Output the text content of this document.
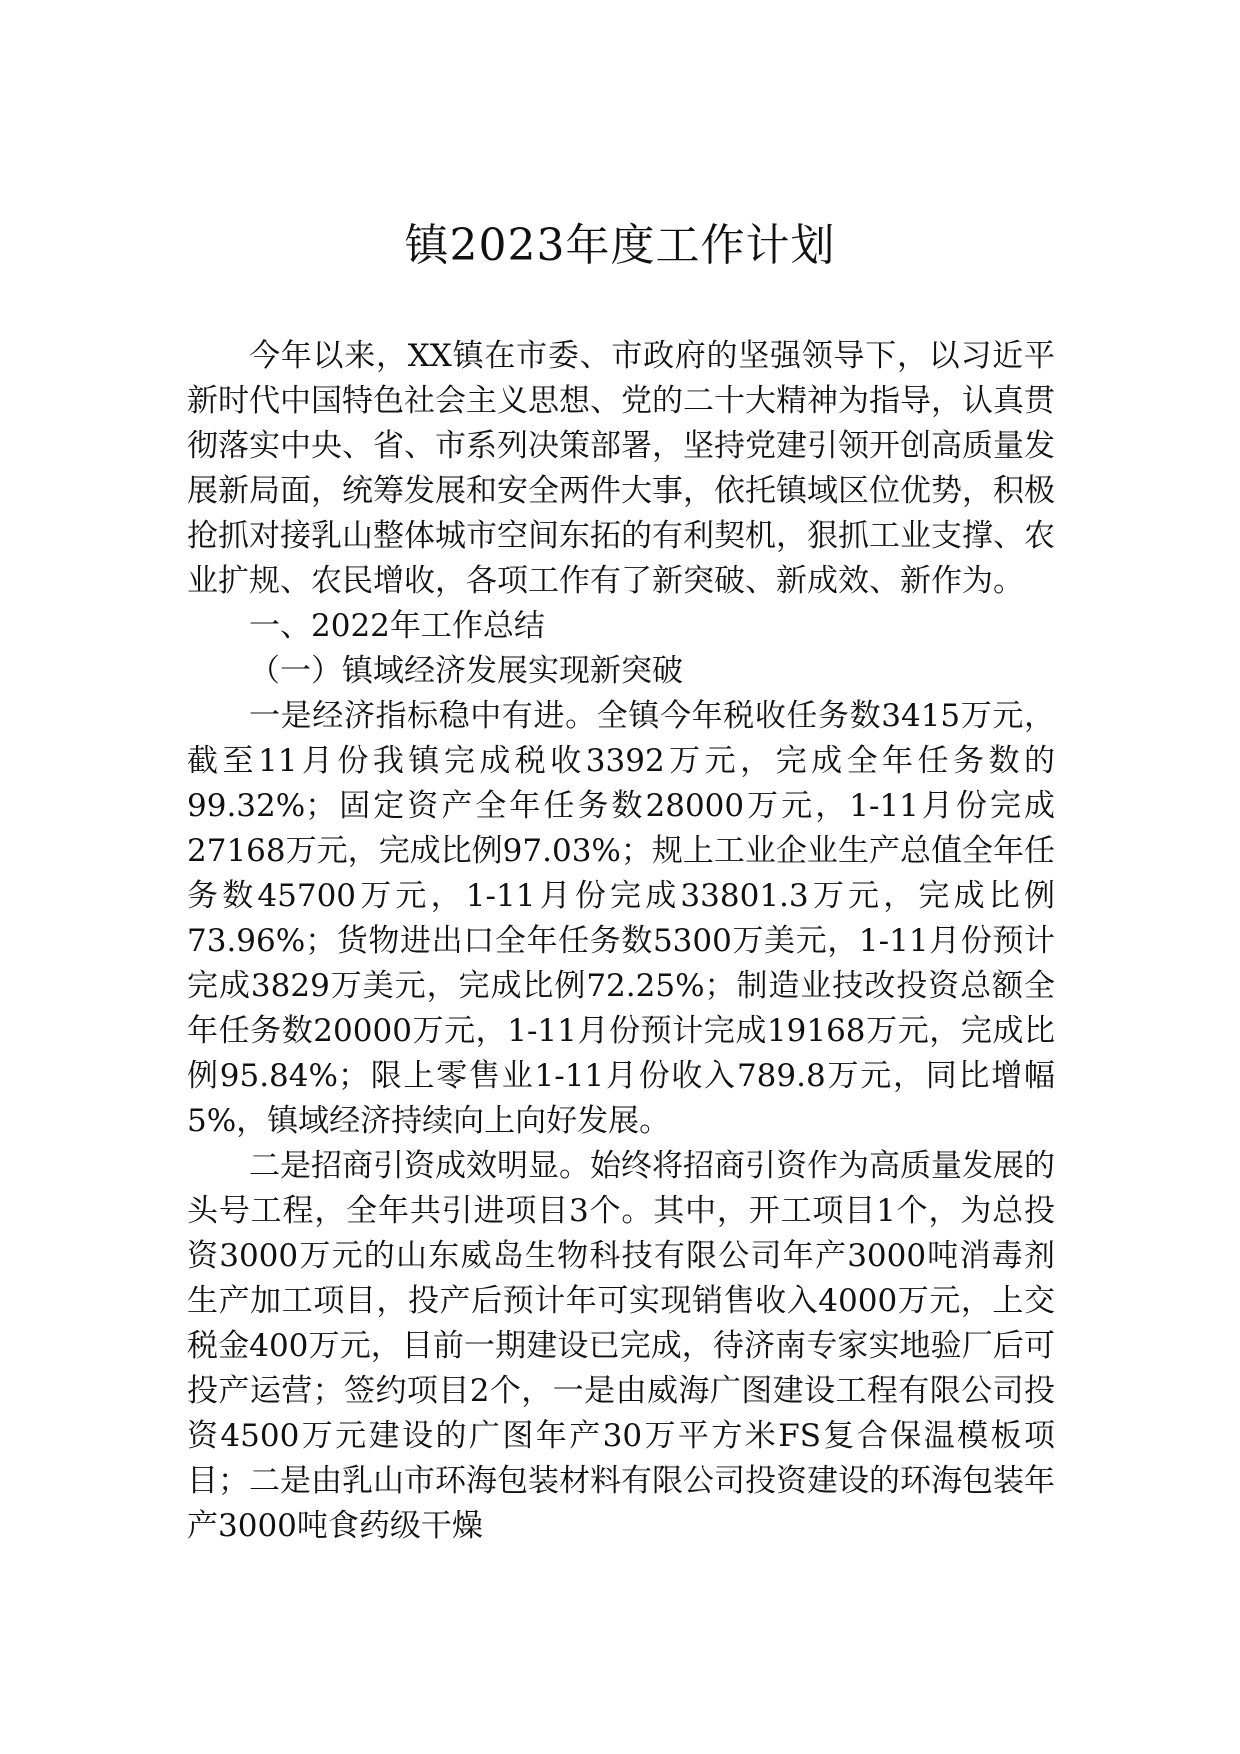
镇2023年度工作计划

今年以来，XX镇在市委、市政府的坚强领导下，以习近平新时代中国特色社会主义思想、党的二十大精神为指导，认真贯彻落实中央、省、市系列决策部署，坚持党建引领开创高质量发展新局面，统筹发展和安全两件大事，依托镇域区位优势，积极抢抓对接乳山整体城市空间东拓的有利契机，狠抓工业支撑、农业扩规、农民增收，各项工作有了新突破、新成效、新作为。

一、2022年工作总结

（一）镇域经济发展实现新突破

一是经济指标稳中有进。全镇今年税收任务数3415万元，截至11月份我镇完成税收3392万元，完成全年任务数的99.32%；固定资产全年任务数28000万元，1-11月份完成27168万元，完成比例97.03%；规上工业企业生产总值全年任务数45700万元，1-11月份完成33801.3万元，完成比例73.96%；货物进出口全年任务数5300万美元，1-11月份预计完成3829万美元，完成比例72.25%；制造业技改投资总额全年任务数20000万元，1-11月份预计完成19168万元，完成比例95.84%；限上零售业1-11月份收入789.8万元，同比增幅5%，镇域经济持续向上向好发展。

二是招商引资成效明显。始终将招商引资作为高质量发展的头号工程，全年共引进项目3个。其中，开工项目1个，为总投资3000万元的山东威岛生物科技有限公司年产3000吨消毒剂生产加工项目，投产后预计年可实现销售收入4000万元，上交税金400万元，目前一期建设已完成，待济南专家实地验厂后可投产运营；签约项目2个，一是由威海广图建设工程有限公司投资4500万元建设的广图年产30万平方米FS复合保温模板项目；二是由乳山市环海包装材料有限公司投资建设的环海包装年产3000吨食药级干燥
